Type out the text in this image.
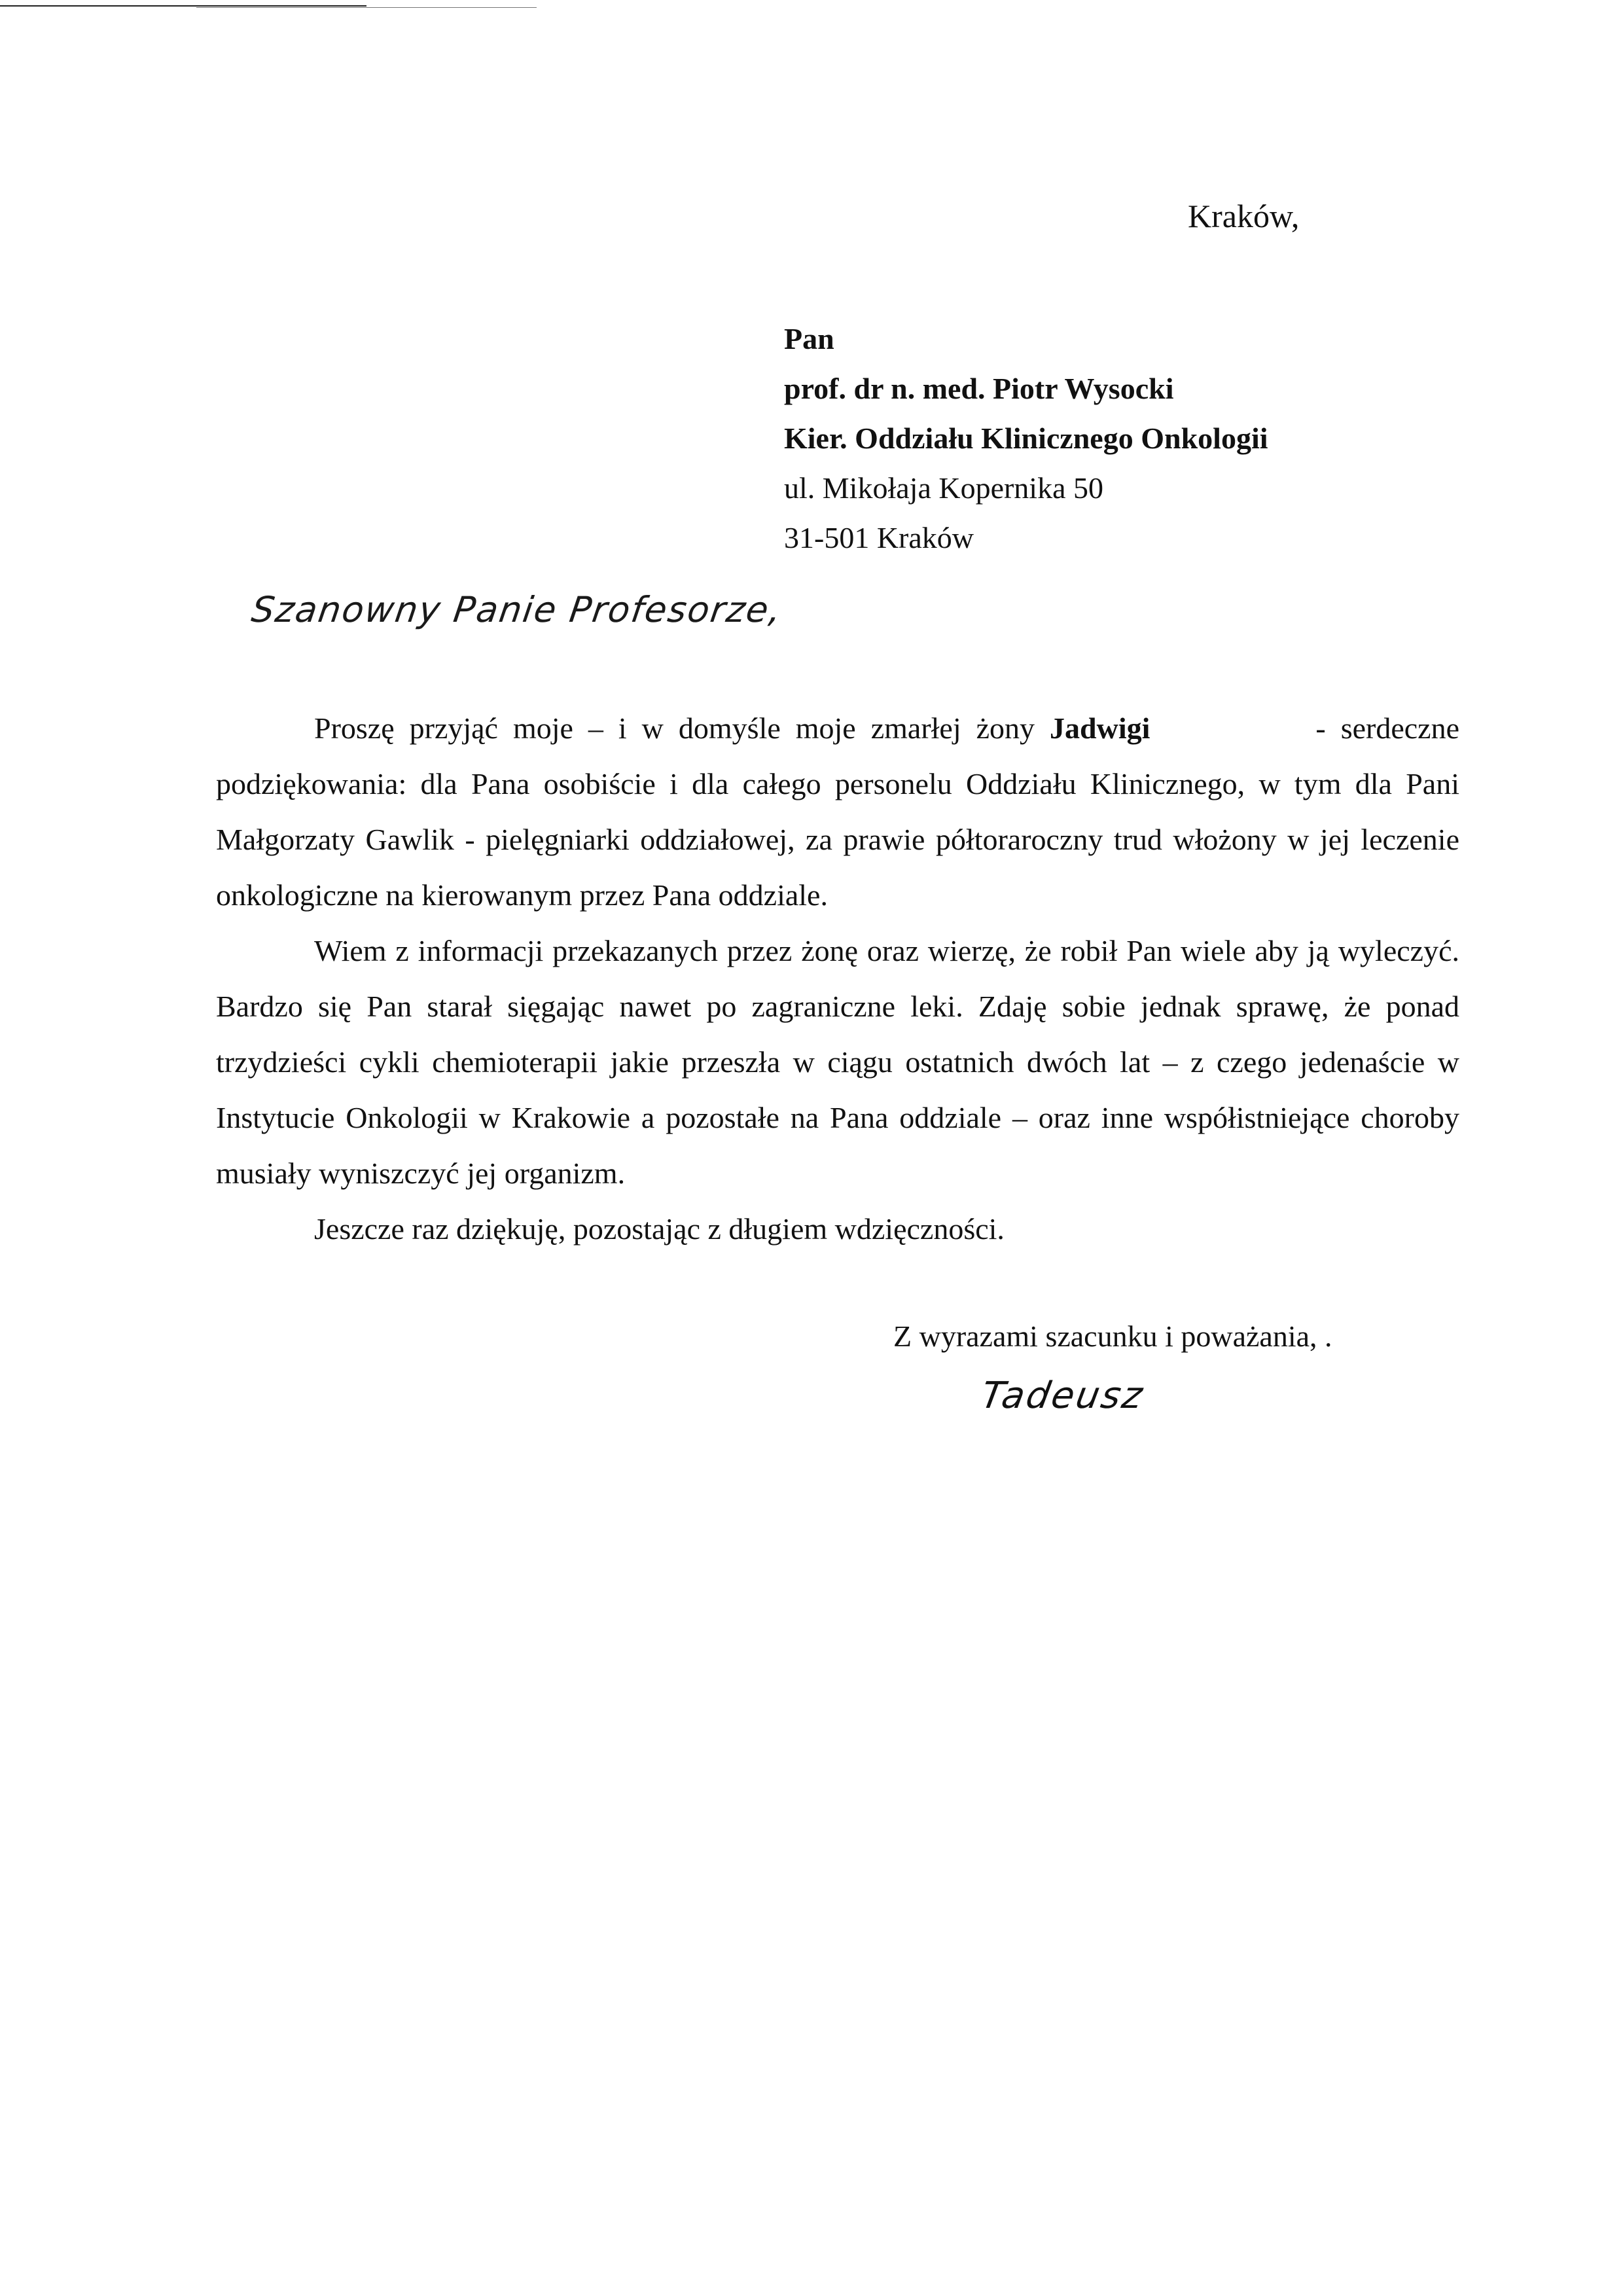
Kraków,
Pan
prof. dr n. med. Piotr Wysocki
Kier. Oddziału Klinicznego Onkologii
ul. Mikołaja Kopernika 50
31-501 Kraków
Szanowny Panie Profesorze,

Proszę przyjąć moje – i w domyśle moje zmarłej żony Jadwigi	- serdeczne podziękowania: dla Pana osobiście i dla całego personelu Oddziału Klinicznego, w tym dla Pani Małgorzaty Gawlik - pielęgniarki oddziałowej, za prawie półtoraroczny trud włożony w jej leczenie onkologiczne na kierowanym przez Pana oddziale.

Wiem z informacji przekazanych przez żonę oraz wierzę, że robił Pan wiele aby ją wyleczyć. Bardzo się Pan starał sięgając nawet po zagraniczne leki. Zdaję sobie jednak sprawę, że ponad trzydzieści cykli chemioterapii jakie przeszła w ciągu ostatnich dwóch lat – z czego jedenaście w Instytucie Onkologii w Krakowie a pozostałe na Pana oddziale – oraz inne współistniejące choroby musiały wyniszczyć jej organizm.

Jeszcze raz dziękuję, pozostając z długiem wdzięczności.

Z wyrazami szacunku i poważania, .
Tadeusz
